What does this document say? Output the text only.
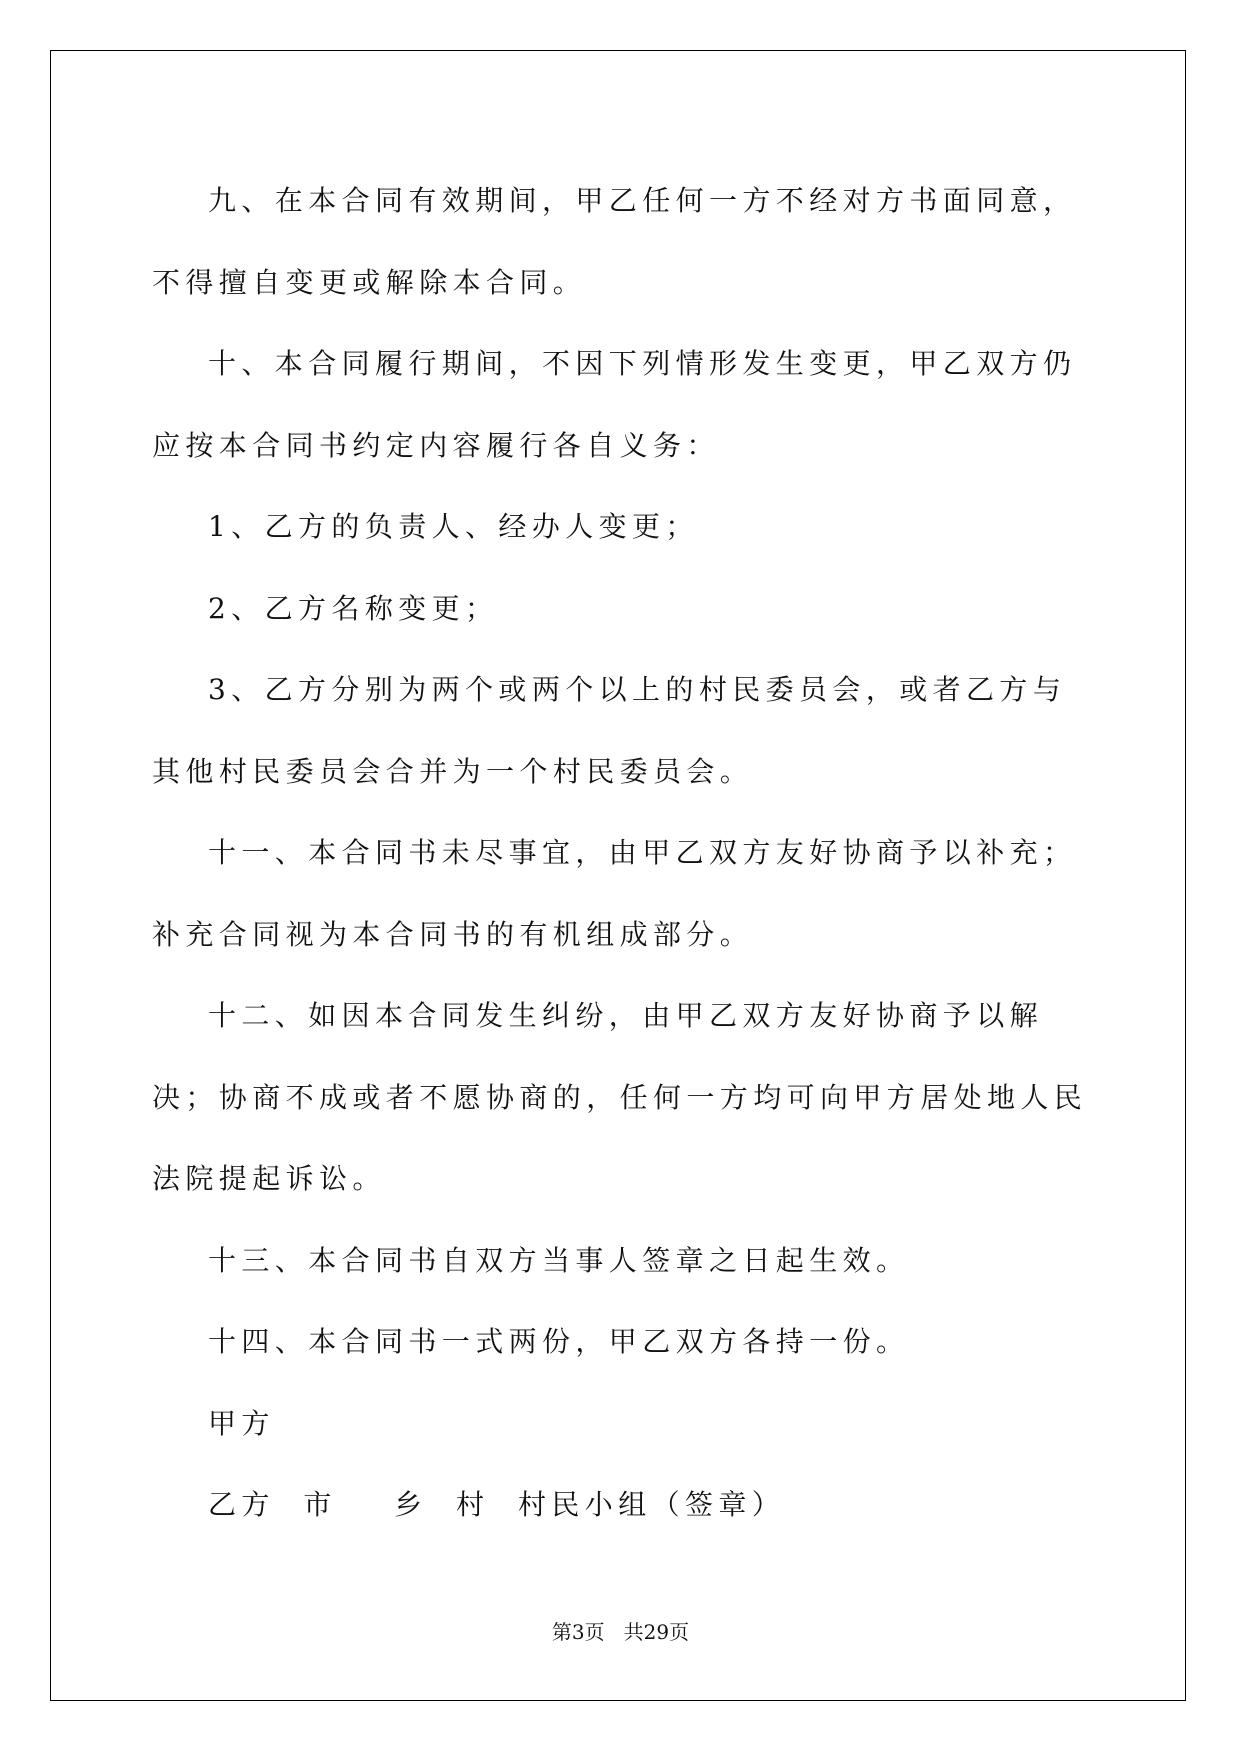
九、在本合同有效期间，甲乙任何一方不经对方书面同意，不得擅自变更或解除本合同。

十、本合同履行期间，不因下列情形发生变更，甲乙双方仍应按本合同书约定内容履行各自义务：

1、乙方的负责人、经办人变更；

2、乙方名称变更；

3、乙方分别为两个或两个以上的村民委员会，或者乙方与其他村民委员会合并为一个村民委员会。

十一、本合同书未尽事宜，由甲乙双方友好协商予以补充；补充合同视为本合同书的有机组成部分。

十二、如因本合同发生纠纷，由甲乙双方友好协商予以解决；协商不成或者不愿协商的，任何一方均可向甲方居处地人民法院提起诉讼。

十三、本合同书自双方当事人签章之日起生效。

十四、本合同书一式两份，甲乙双方各持一份。

甲方

乙方  市    乡  村  村民小组（签章）

第3页   共29页
